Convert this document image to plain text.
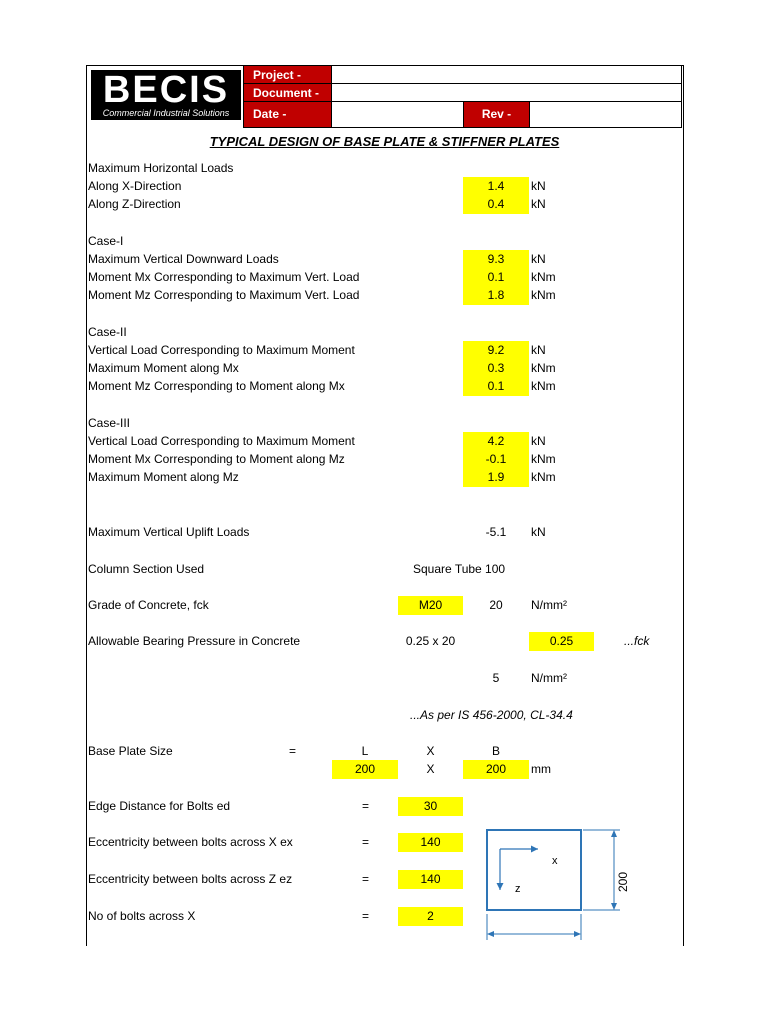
BECIS
Commercial Industrial Solutions
Project -
Document -
Date -	Rev -
TYPICAL DESIGN OF BASE PLATE & STIFFNER PLATES
Maximum Horizontal Loads
Along X-Direction	1.4	kN
Along Z-Direction	0.4	kN
Case-I
Maximum Vertical Downward Loads	9.3	kN
Moment Mx Corresponding to Maximum Vert. Load	0.1	kNm
Moment Mz Corresponding to Maximum Vert. Load	1.8	kNm
Case-II
Vertical Load Corresponding to Maximum Moment	9.2	kN
Maximum Moment along Mx	0.3	kNm
Moment Mz Corresponding to Moment along Mx	0.1	kNm
Case-III
Vertical Load Corresponding to Maximum Moment	4.2	kN
Moment Mx Corresponding to Moment along Mz	-0.1	kNm
Maximum Moment along Mz	1.9	kNm
Maximum Vertical Uplift Loads	-5.1	kN
Column Section Used	Square Tube 100
Grade of Concrete, fck	M20	20	N/mm²
Allowable Bearing Pressure in Concrete	0.25 x 20	0.25	...fck
5	N/mm²
...As per IS 456-2000, CL-34.4
Base Plate Size	=	L	X	B
200	X	200	mm
Edge Distance for Bolts ed	=	30
Eccentricity between bolts across X ex	=	140
Eccentricity between bolts across Z ez	=	140
No of bolts across X	=	2
x
z	200
